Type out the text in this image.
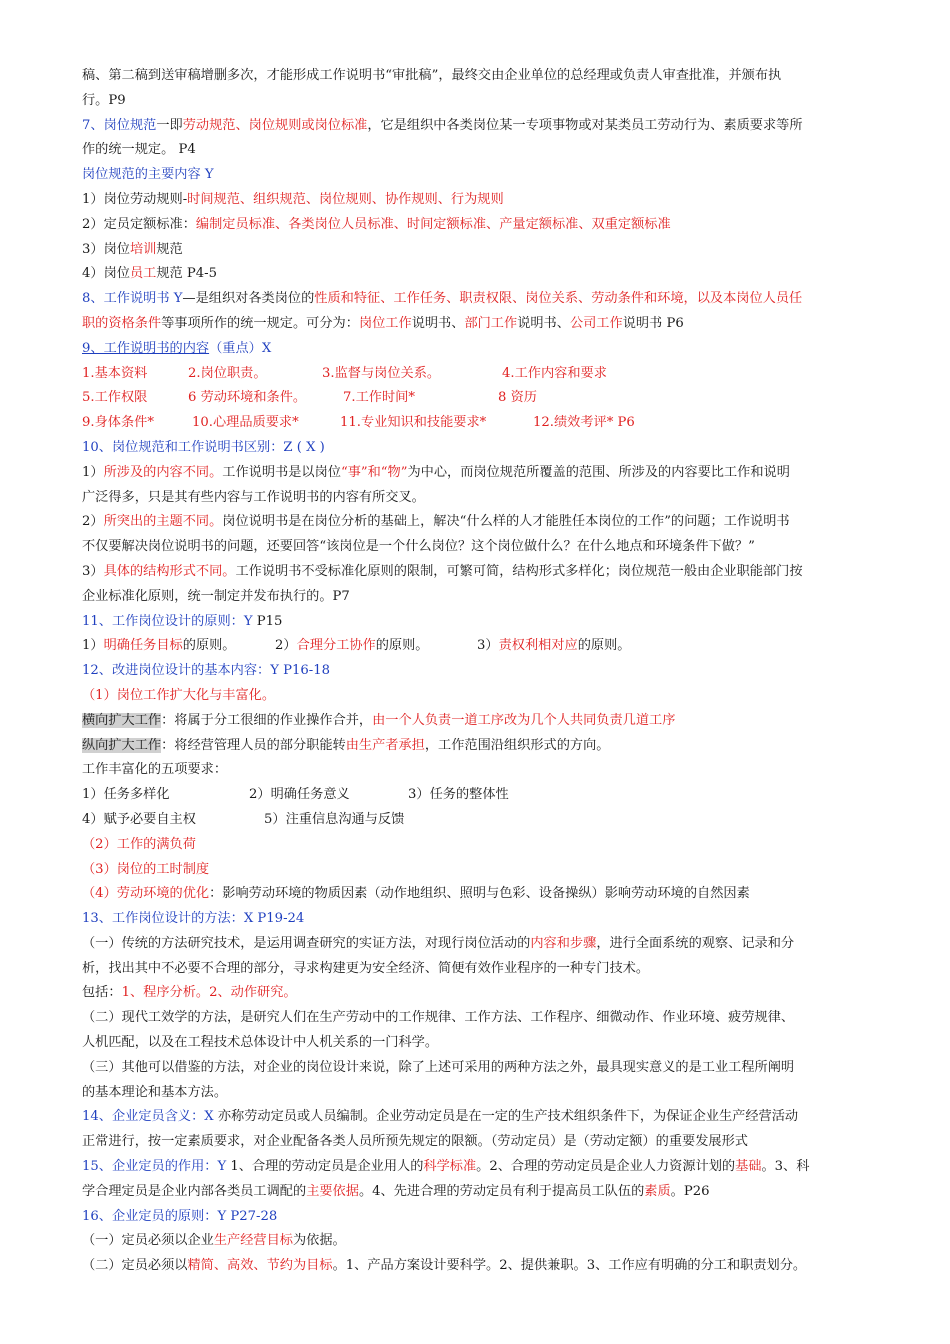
稿、第二稿到送审稿增删多次，才能形成工作说明书“审批稿”，最终交由企业单位的总经理或负责人审查批准，并颁布执
行。P9
7、岗位规范一即劳动规范、岗位规则或岗位标准，它是组织中各类岗位某一专项事物或对某类员工劳动行为、素质要求等所
作的统一规定。 P4
岗位规范的主要内容 Y
1）岗位劳动规则-时间规范、组织规范、岗位规则、协作规则、行为规则
2）定员定额标准：编制定员标准、各类岗位人员标准、时间定额标准、产量定额标准、双重定额标准
3）岗位培训规范
4）岗位员工规范 P4-5
8、工作说明书 Y—是组织对各类岗位的性质和特征、工作任务、职责权限、岗位关系、劳动条件和环境，以及本岗位人员任
职的资格条件等事项所作的统一规定。可分为：岗位工作说明书、部门工作说明书、公司工作说明书 P6
9、工作说明书的内容（重点）X
1.基本资料	2.岗位职责。	3.监督与岗位关系。	4.工作内容和要求
5.工作权限	6 劳动环境和条件。	7.工作时间*	8 资历
9.身体条件*	10.心理品质要求*	11.专业知识和技能要求*	12.绩效考评* P6
10、岗位规范和工作说明书区别：Z ( X )
1）所涉及的内容不同。工作说明书是以岗位“事”和“物”为中心，而岗位规范所覆盖的范围、所涉及的内容要比工作和说明
广泛得多，只是其有些内容与工作说明书的内容有所交叉。
2）所突出的主题不同。岗位说明书是在岗位分析的基础上，解决“什么样的人才能胜任本岗位的工作”的问题；工作说明书
不仅要解决岗位说明书的问题，还要回答“该岗位是一个什么岗位？这个岗位做什么？在什么地点和环境条件下做？”
3）具体的结构形式不同。工作说明书不受标准化原则的限制，可繁可简，结构形式多样化；岗位规范一般由企业职能部门按
企业标准化原则，统一制定并发布执行的。P7
11、工作岗位设计的原则：Y P15
1）明确任务目标的原则。	2）合理分工协作的原则。	3）责权利相对应的原则。
12、改进岗位设计的基本内容：Y P16-18
（1）岗位工作扩大化与丰富化。
横向扩大工作：将属于分工很细的作业操作合并，由一个人负责一道工序改为几个人共同负责几道工序
纵向扩大工作：将经营管理人员的部分职能转由生产者承担，工作范围沿组织形式的方向。
工作丰富化的五项要求：
1）任务多样化	2）明确任务意义	3）任务的整体性
4）赋予必要自主权	5）注重信息沟通与反馈
（2）工作的满负荷
（3）岗位的工时制度
（4）劳动环境的优化：影响劳动环境的物质因素（动作地组织、照明与色彩、设备操纵）影响劳动环境的自然因素
13、工作岗位设计的方法：X P19-24
（一）传统的方法研究技术，是运用调查研究的实证方法，对现行岗位活动的内容和步骤，进行全面系统的观察、记录和分
析，找出其中不必要不合理的部分，寻求构建更为安全经济、简便有效作业程序的一种专门技术。
包括：1、程序分析。2、动作研究。
（二）现代工效学的方法，是研究人们在生产劳动中的工作规律、工作方法、工作程序、细微动作、作业环境、疲劳规律、
人机匹配，以及在工程技术总体设计中人机关系的一门科学。
（三）其他可以借鉴的方法，对企业的岗位设计来说，除了上述可采用的两种方法之外，最具现实意义的是工业工程所阐明
的基本理论和基本方法。
14、企业定员含义：X 亦称劳动定员或人员编制。企业劳动定员是在一定的生产技术组织条件下，为保证企业生产经营活动
正常进行，按一定素质要求，对企业配备各类人员所预先规定的限额。（劳动定员）是（劳动定额）的重要发展形式
15、企业定员的作用：Y 1、合理的劳动定员是企业用人的科学标准。2、合理的劳动定员是企业人力资源计划的基础。3、科
学合理定员是企业内部各类员工调配的主要依据。4、先进合理的劳动定员有利于提高员工队伍的素质。P26
16、企业定员的原则：Y P27-28
（一）定员必须以企业生产经营目标为依据。
（二）定员必须以精简、高效、节约为目标。1、产品方案设计要科学。2、提供兼职。3、工作应有明确的分工和职责划分。
